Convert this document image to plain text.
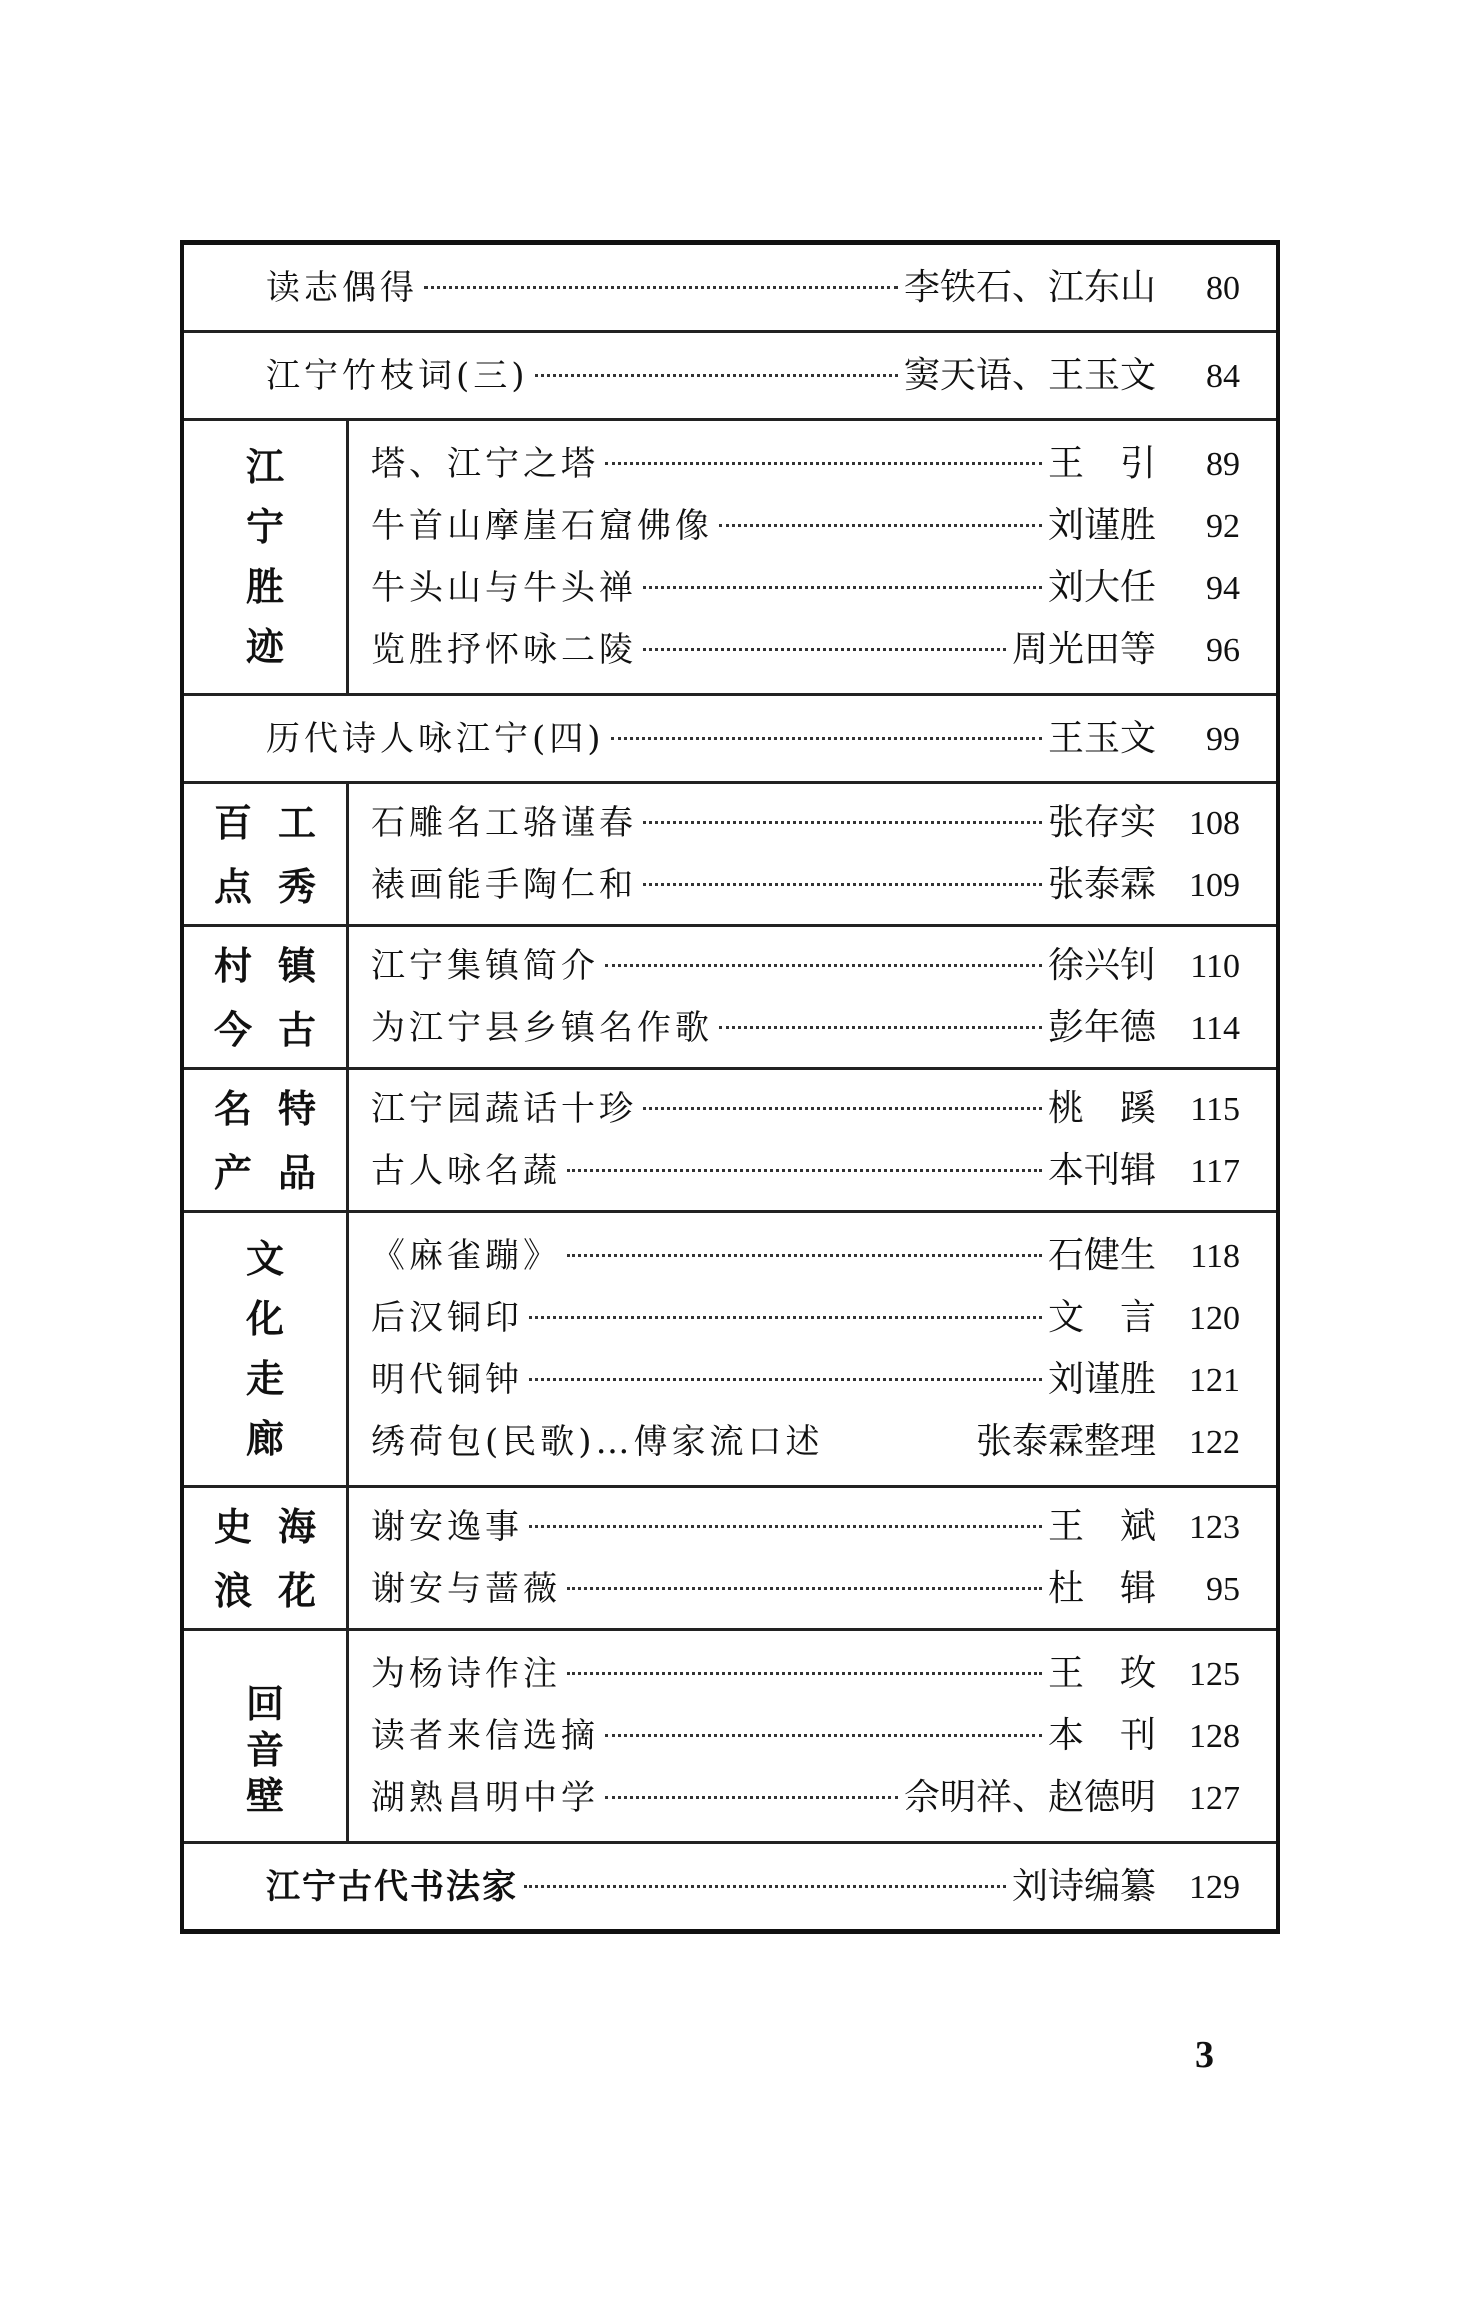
读志偶得	李铁石、江东山	80
江宁竹枝词(三)	窦天语、王玉文	84
江
宁
胜
迹
塔、江宁之塔	王　引	89
牛首山摩崖石窟佛像	刘谨胜	92
牛头山与牛头禅	刘大任	94
览胜抒怀咏二陵	周光田等	96
历代诗人咏江宁(四)	王玉文	99
百 工
点 秀
石雕名工骆谨春	张存实 108
裱画能手陶仁和	张泰霖 109
村 镇
今 古
江宁集镇简介	徐兴钊	110
为江宁县乡镇名作歌	彭年德	114
名 特
产 品
江宁园蔬话十珍	桃　蹊	115
古人咏名蔬	本刊辑	117
文
化
走
廊
《麻雀蹦》	石健生	118
后汉铜印	文　言 120
明代铜钟	刘谨胜 121
绣荷包(民歌)…傅家流口述	张泰霖整理 122
史 海
浪 花
谢安逸事	王　斌 123
谢安与蔷薇	杜　辑	95
回
音
壁
为杨诗作注	王　玫 125
读者来信选摘	本　刊 128
湖熟昌明中学	佘明祥、赵德明 127
江宁古代书法家	刘诗编纂 129
3
